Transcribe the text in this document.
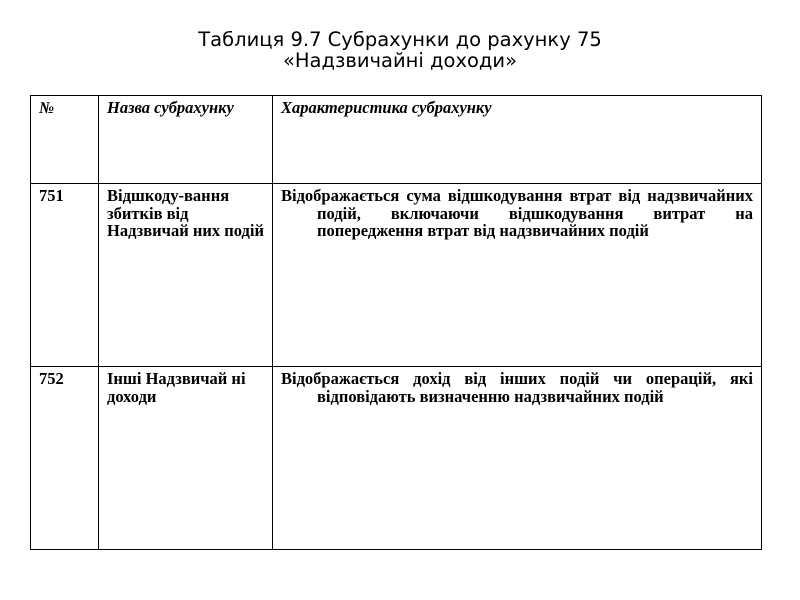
Таблиця 9.7 Субрахунки до рахунку 75
«Надзвичайні доходи»
№	Назва субрахунку	Характеристика субрахунку
751	Відшкоду-вання збитків від Надзвичай них подій	Відображається сума відшкодування втрат від надзвичайних подій, включаючи відшкодування витрат на попередження втрат від надзвичайних подій

752	Інші Надзвичай ні доходи	Відображається дохід від інших подій чи операцій, які відповідають визначенню надзвичайних подій
